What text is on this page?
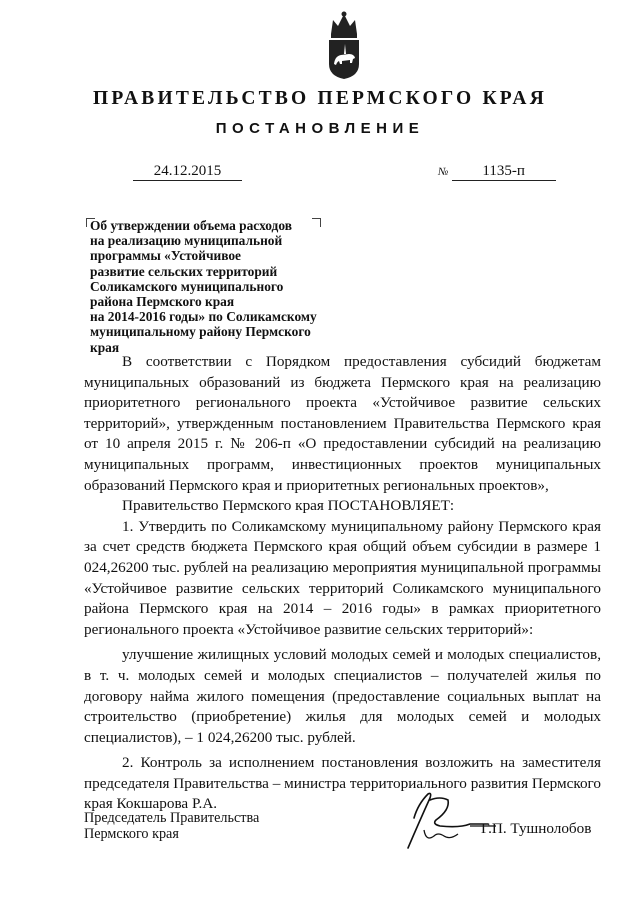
ПРАВИТЕЛЬСТВО ПЕРМСКОГО КРАЯ
ПОСТАНОВЛЕНИЕ
24.12.2015	№ 1135-п
Об утверждении объема расходов
на реализацию муниципальной
программы «Устойчивое
развитие сельских территорий
Соликамского муниципального
района Пермского края
на 2014-2016 годы» по Соликамскому
муниципальному району Пермского
края

В соответствии с Порядком предоставления субсидий бюджетам муниципальных образований из бюджета Пермского края на реализацию приоритетного регионального проекта «Устойчивое развитие сельских территорий», утвержденным постановлением Правительства Пермского края от 10 апреля 2015 г. № 206-п «О предоставлении субсидий на реализацию муниципальных программ, инвестиционных проектов муниципальных образований Пермского края и приоритетных региональных проектов»,

Правительство Пермского края ПОСТАНОВЛЯЕТ:

1. Утвердить по Соликамскому муниципальному району Пермского края за счет средств бюджета Пермского края общий объем субсидии в размере 1 024,26200 тыс. рублей на реализацию мероприятия муниципальной программы «Устойчивое развитие сельских территорий Соликамского муниципального района Пермского края на 2014 – 2016 годы» в рамках приоритетного регионального проекта «Устойчивое развитие сельских территорий»:

улучшение жилищных условий молодых семей и молодых специалистов, в т. ч. молодых семей и молодых специалистов – получателей жилья по договору найма жилого помещения (предоставление социальных выплат на строительство (приобретение) жилья для молодых семей и молодых специалистов), – 1 024,26200 тыс. рублей.

2. Контроль за исполнением постановления возложить на заместителя председателя Правительства – министра территориального развития Пермского края Кокшарова Р.А.

Председатель Правительства
Пермского края	Г.П. Тушнолобов
